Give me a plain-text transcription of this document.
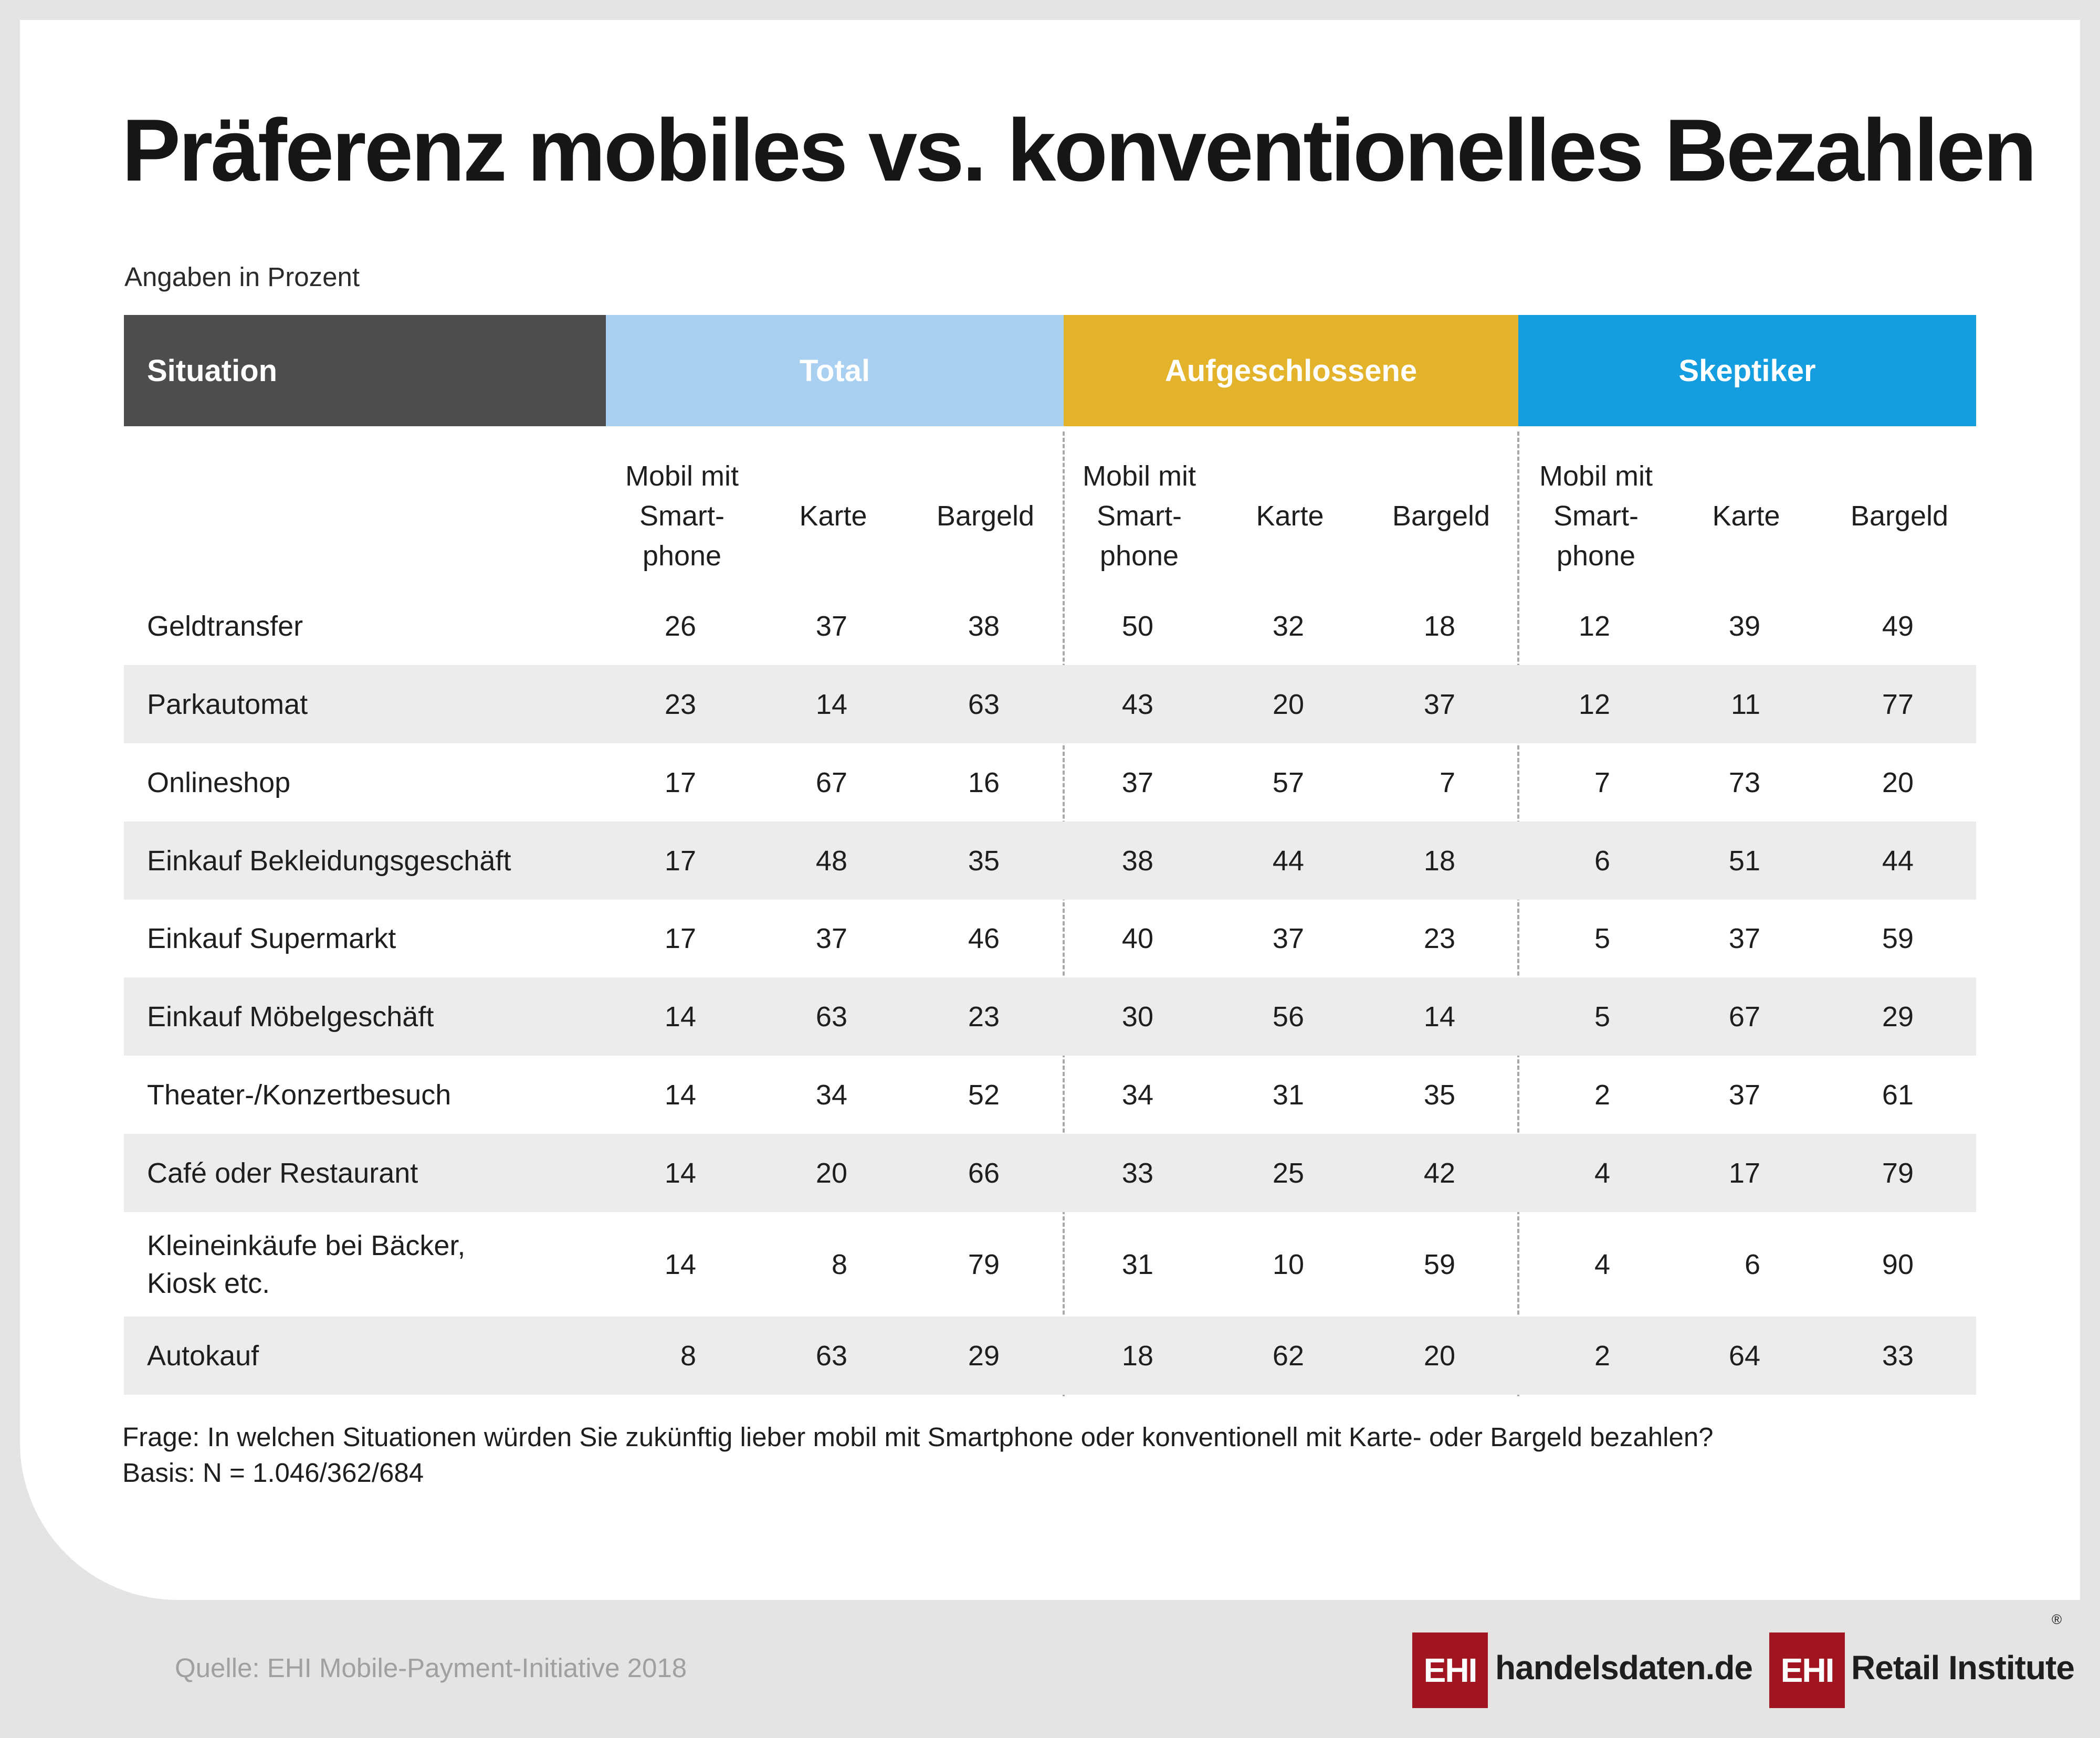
Präferenz mobiles vs. konventionelles Bezahlen
Angaben in Prozent
Situation	Total	Aufgeschlossene	Skeptiker
Mobil mit Smart-
phone
Karte	Bargeld
Mobil mit Smart-
phone
Karte	Bargeld
Mobil mit Smart-
phone
Karte	Bargeld
Geldtransfer	26	37	38	50	32	18	12	39	49
Parkautomat	23	14	63	43	20	37	12	11	77
Onlineshop	17	67	16	37	57	7	7	73	20
Einkauf Bekleidungsgeschäft	17	48	35	38	44	18	6	51	44
Einkauf Supermarkt	17	37	46	40	37	23	5	37	59
Einkauf Möbelgeschäft	14	63	23	30	56	14	5	67	29
Theater-/Konzertbesuch	14	34	52	34	31	35	2	37	61
Café oder Restaurant	14	20	66	33	25	42	4	17	79
Kleineinkäufe bei Bäcker,
Kiosk etc.
14	8	79	31	10	59	4	6	90
Autokauf	8	63	29	18	62	20	2	64	33
Frage: In welchen Situationen würden Sie zukünftig lieber mobil mit Smartphone oder konventionell mit Karte- oder Bargeld bezahlen?
Basis: N = 1.046/362/684
Quelle: EHI Mobile-Payment-Initiative 2018	EHI handelsdaten.de EHI Retail Institute
®
